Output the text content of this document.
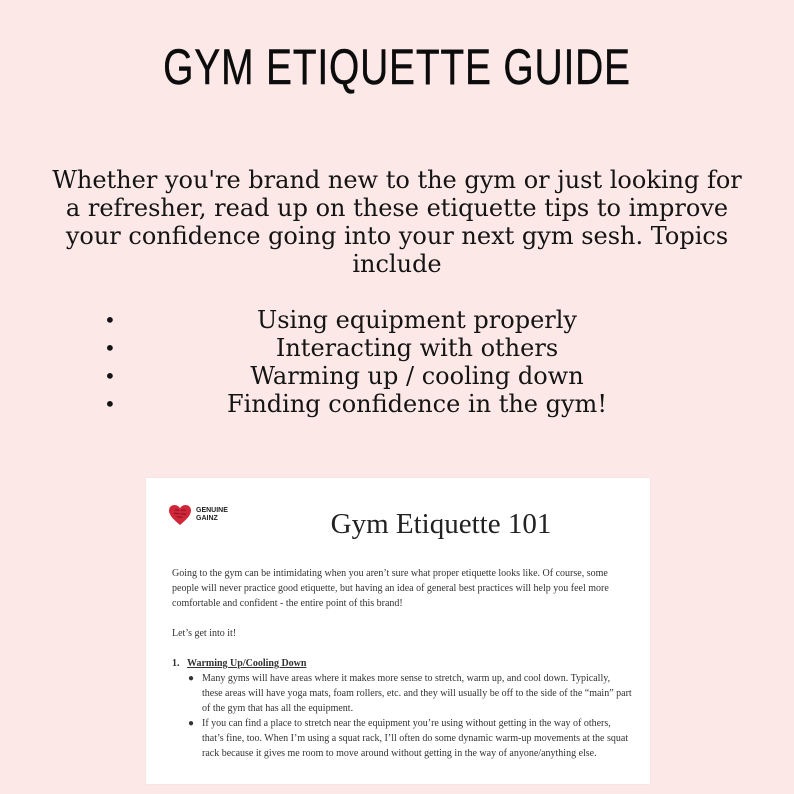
GYM ETIQUETTE GUIDE
Whether you're brand new to the gym or just looking for a refresher, read up on these etiquette tips to improve your confidence going into your next gym sesh. Topics include
•	Using equipment properly
•	Interacting with others
•	Warming up / cooling down
•	Finding confidence in the gym!
GENUINE
GAINZ	Gym Etiquette 101

Going to the gym can be intimidating when you aren’t sure what proper etiquette looks like. Of course, some people will never practice good etiquette, but having an idea of general best practices will help you feel more comfortable and confident - the entire point of this brand!

Let’s get into it!

1. Warming Up/Cooling Down

● Many gyms will have areas where it makes more sense to stretch, warm up, and cool down. Typically, these areas will have yoga mats, foam rollers, etc. and they will usually be off to the side of the “main” part of the gym that has all the equipment.
● If you can find a place to stretch near the equipment you’re using without getting in the way of others, that’s fine, too. When I’m using a squat rack, I’ll often do some dynamic warm-up movements at the squat rack because it gives me room to move around without getting in the way of anyone/anything else.
